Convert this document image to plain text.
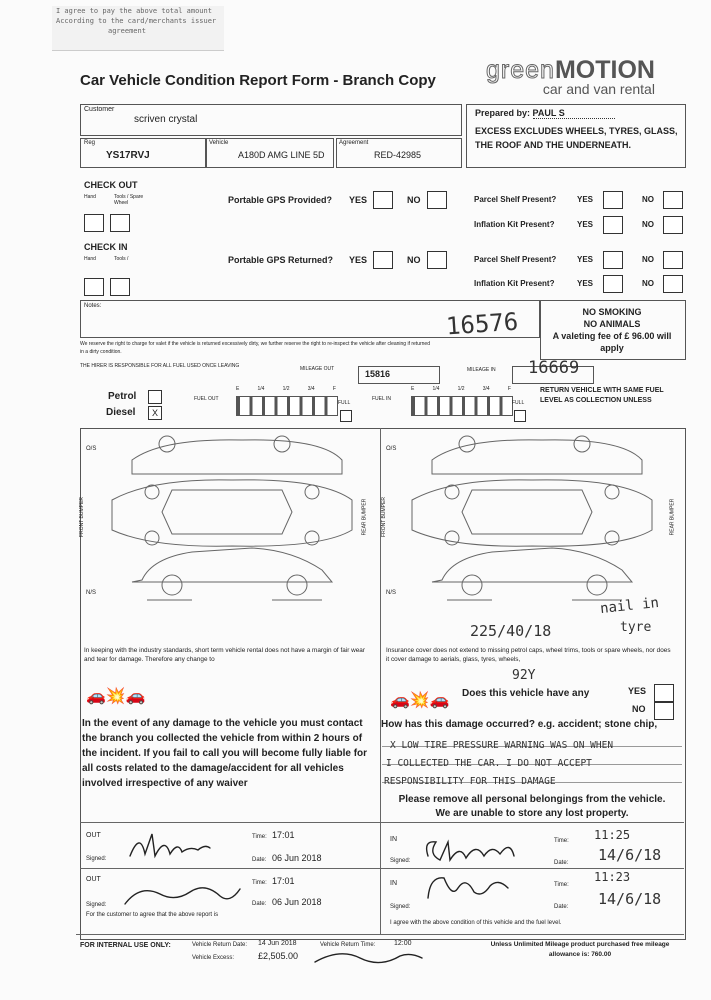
I agree to pay the above total amount
According to the card/merchants issuer
agreement
Car Vehicle Condition Report Form - Branch Copy greenMOTION
car and van rental
Customer
scriven crystal
Reg
YS17RVJ
Vehicle
A180D AMG LINE 5D
Agreement
RED-42985
Prepared by: PAUL S
EXCESS EXCLUDES WHEELS, TYRES, GLASS, THE ROOF AND THE UNDERNEATH.
CHECK OUT
Hand	Tools / Spare Wheel	Portable GPS Provided? YES	NO	Parcel Shelf Present?	YES	NO
Inflation Kit Present?	YES	NO
CHECK IN
Hand	Tools /	Portable GPS Returned? YES	NO	Parcel Shelf Present?	YES	NO
Inflation Kit Present?	YES	NO
Notes:
16576	NO SMOKING
NO ANIMALS
A valeting fee of £ 96.00 will apply
We reserve the right to charge for valet if the vehicle is returned excessively dirty, we further reserve the right to re-inspect the vehicle after cleaning if returned in a dirty condition.
THE HIRER IS RESPONSIBLE FOR ALL FUEL USED ONCE LEAVING	MILEAGE OUT	15816	MILEAGE IN 16669
RETURN VEHICLE WITH SAME FUEL LEVEL AS COLLECTION UNLESS
Petrol
Diesel	X
FUEL OUT
E	1/4	1/2	3/4	F
FULL
FUEL IN
E	1/4	1/2	3/4	F
FULL
O/S
N/S
O/S
N/S
FRONT BUMPER	REAR BUMPER	FRONT BUMPER	REAR BUMPER
nail in
tyre
225/40/18
92Y
In keeping with the industry standards, short term vehicle rental does not have a margin of fair wear and tear for damage. Therefore any change to
🚗💥🚗
In the event of any damage to the vehicle you must contact the branch you collected the vehicle from within 2 hours of the incident. If you fail to call you will become fully liable for all costs related to the damage/accident for all vehicles involved irrespective of any waiver
Insurance cover does not extend to missing petrol caps, wheel trims, tools or spare wheels, nor does it cover damage to aerials, glass, tyres, wheels,
🚗💥🚗 Does this vehicle have any	YES
NO
How has this damage occurred? e.g. accident; stone chip,
X LOW TIRE PRESSURE WARNING WAS ON WHEN
I COLLECTED THE CAR. I DO NOT ACCEPT
RESPONSIBILITY FOR THIS DAMAGE
Please remove all personal belongings from the vehicle.
We are unable to store any lost property.
OUT	Time: 17:01
Signed:	Date: 06 Jun 2018
OUT	Time: 17:01
Signed:	Date: 06 Jun 2018
For the customer to agree that the above report is
IN	Time: 11:25
Signed:	Date: 14/6/18
IN	Time:
11:23
Signed:	Date: 14/6/18
I agree with the above condition of this vehicle and the fuel level.
FOR INTERNAL USE ONLY:	Vehicle Return Date: 14 Jun 2018	Vehicle Return Time:	12:00
Vehicle Excess:	£2,505.00
Unless Unlimited Mileage product purchased free mileage allowance is: 760.00
